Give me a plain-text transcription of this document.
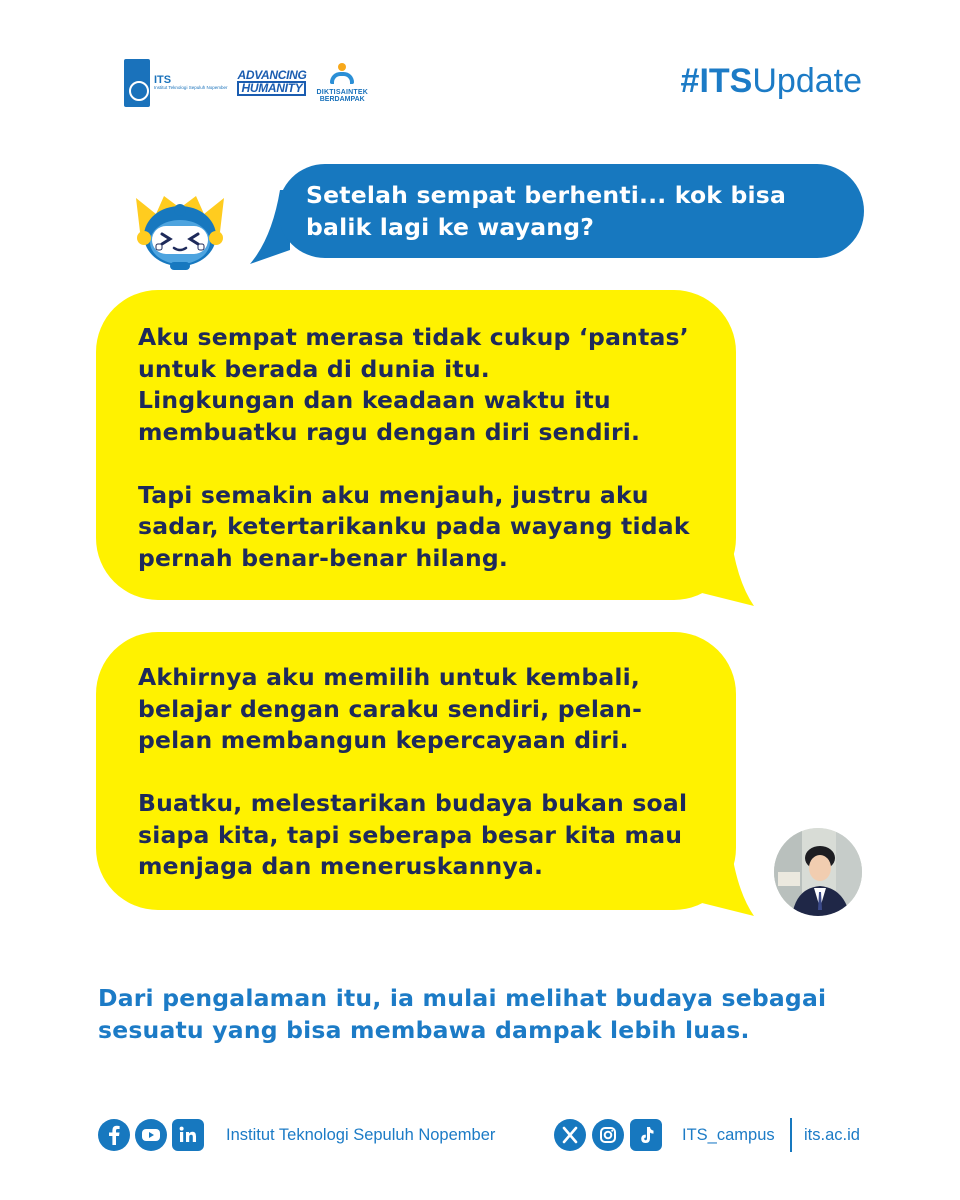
ITS
Institut Teknologi Sepuluh Nopember
ADVANCING
HUMANITY	DIKTISAINTEK
BERDAMPAK	#ITSUpdate
Setelah sempat berhenti... kok bisa
balik lagi ke wayang?

Aku sempat merasa tidak cukup ‘pantas’
untuk berada di dunia itu.
Lingkungan dan keadaan waktu itu
membuatku ragu dengan diri sendiri.

Tapi semakin aku menjauh, justru aku
sadar, ketertarikanku pada wayang tidak
pernah benar-benar hilang.

Akhirnya aku memilih untuk kembali,
belajar dengan caraku sendiri, pelan-
pelan membangun kepercayaan diri.

Buatku, melestarikan budaya bukan soal
siapa kita, tapi seberapa besar kita mau
menjaga dan meneruskannya.

Dari pengalaman itu, ia mulai melihat budaya sebagai
sesuatu yang bisa membawa dampak lebih luas.
Institut Teknologi Sepuluh Nopember	ITS_campus its.ac.id
